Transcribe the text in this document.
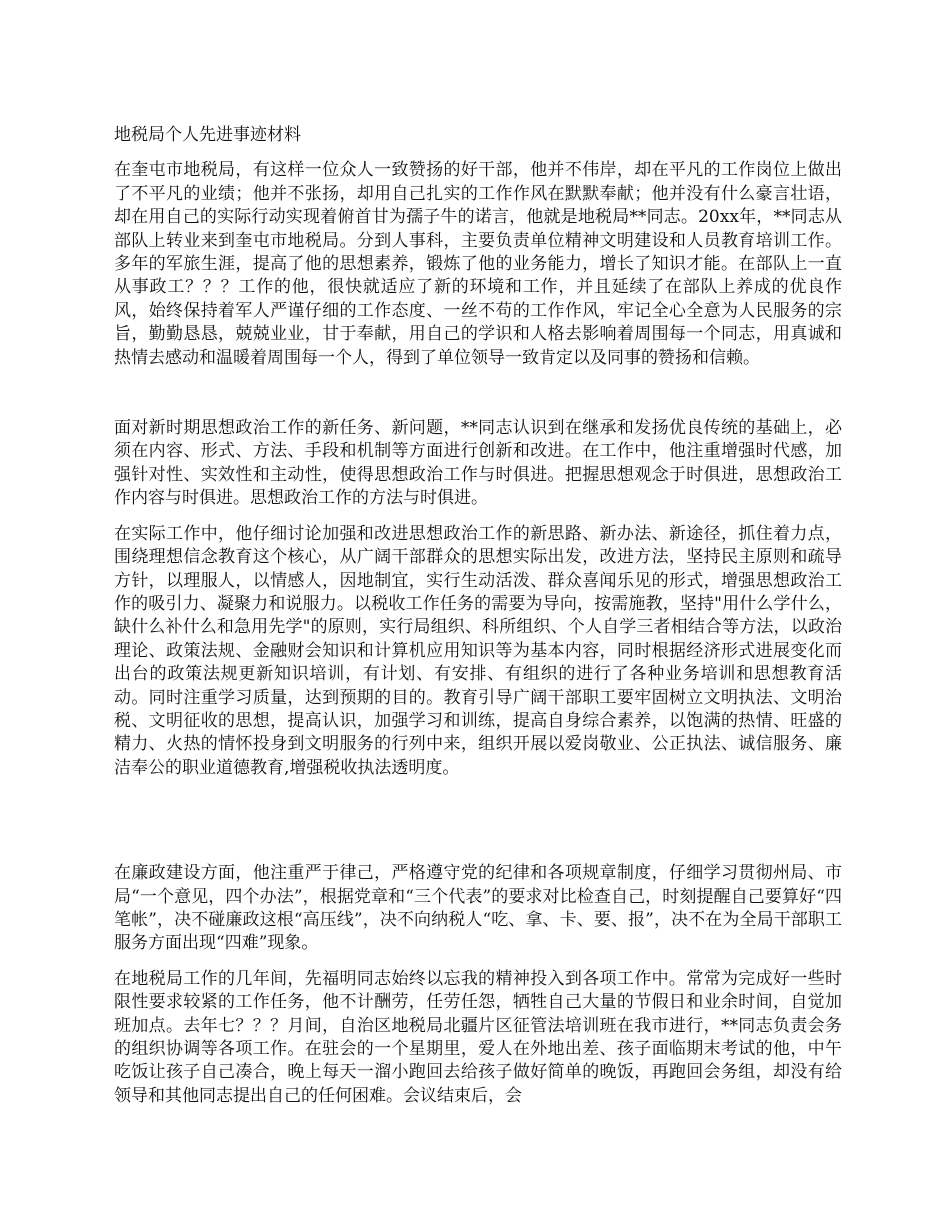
地税局个人先进事迹材料

在奎屯市地税局，有这样一位众人一致赞扬的好干部，他并不伟岸，却在平凡的工作岗位上做出了不平凡的业绩；他并不张扬，却用自己扎实的工作作风在默默奉献；他并没有什么豪言壮语，却在用自己的实际行动实现着俯首甘为孺子牛的诺言，他就是地税局**同志。20xx年，**同志从部队上转业来到奎屯市地税局。分到人事科，主要负责单位精神文明建设和人员教育培训工作。多年的军旅生涯，提高了他的思想素养，锻炼了他的业务能力，增长了知识才能。在部队上一直从事政工？？？工作的他，很快就适应了新的环境和工作，并且延续了在部队上养成的优良作风，始终保持着军人严谨仔细的工作态度、一丝不苟的工作作风，牢记全心全意为人民服务的宗旨，勤勤恳恳，兢兢业业，甘于奉献，用自己的学识和人格去影响着周围每一个同志，用真诚和热情去感动和温暖着周围每一个人，得到了单位领导一致肯定以及同事的赞扬和信赖。

面对新时期思想政治工作的新任务、新问题，**同志认识到在继承和发扬优良传统的基础上，必须在内容、形式、方法、手段和机制等方面进行创新和改进。在工作中，他注重增强时代感，加强针对性、实效性和主动性，使得思想政治工作与时俱进。把握思想观念于时俱进，思想政治工作内容与时俱进。思想政治工作的方法与时俱进。

在实际工作中，他仔细讨论加强和改进思想政治工作的新思路、新办法、新途径，抓住着力点，围绕理想信念教育这个核心，从广阔干部群众的思想实际出发，改进方法，坚持民主原则和疏导方针，以理服人，以情感人，因地制宜，实行生动活泼、群众喜闻乐见的形式，增强思想政治工作的吸引力、凝聚力和说服力。以税收工作任务的需要为导向，按需施教，坚持"用什么学什么，缺什么补什么和急用先学"的原则，实行局组织、科所组织、个人自学三者相结合等方法，以政治理论、政策法规、金融财会知识和计算机应用知识等为基本内容，同时根据经济形式进展变化而出台的政策法规更新知识培训，有计划、有安排、有组织的进行了各种业务培训和思想教育活动。同时注重学习质量，达到预期的目的。教育引导广阔干部职工要牢固树立文明执法、文明治税、文明征收的思想，提高认识，加强学习和训练，提高自身综合素养，以饱满的热情、旺盛的精力、火热的情怀投身到文明服务的行列中来，组织开展以爱岗敬业、公正执法、诚信服务、廉洁奉公的职业道德教育,增强税收执法透明度。

在廉政建设方面，他注重严于律己，严格遵守党的纪律和各项规章制度，仔细学习贯彻州局、市局“一个意见，四个办法”，根据党章和“三个代表”的要求对比检查自己，时刻提醒自己要算好“四笔帐”，决不碰廉政这根“高压线”，决不向纳税人“吃、拿、卡、要、报”，决不在为全局干部职工服务方面出现“四难”现象。

在地税局工作的几年间，先福明同志始终以忘我的精神投入到各项工作中。常常为完成好一些时限性要求较紧的工作任务，他不计酬劳，任劳任怨，牺牲自己大量的节假日和业余时间，自觉加班加点。去年七？？？月间，自治区地税局北疆片区征管法培训班在我市进行，**同志负责会务的组织协调等各项工作。在驻会的一个星期里，爱人在外地出差、孩子面临期末考试的他，中午吃饭让孩子自己凑合，晚上每天一溜小跑回去给孩子做好简单的晚饭，再跑回会务组，却没有给领导和其他同志提出自己的任何困难。会议结束后，会
